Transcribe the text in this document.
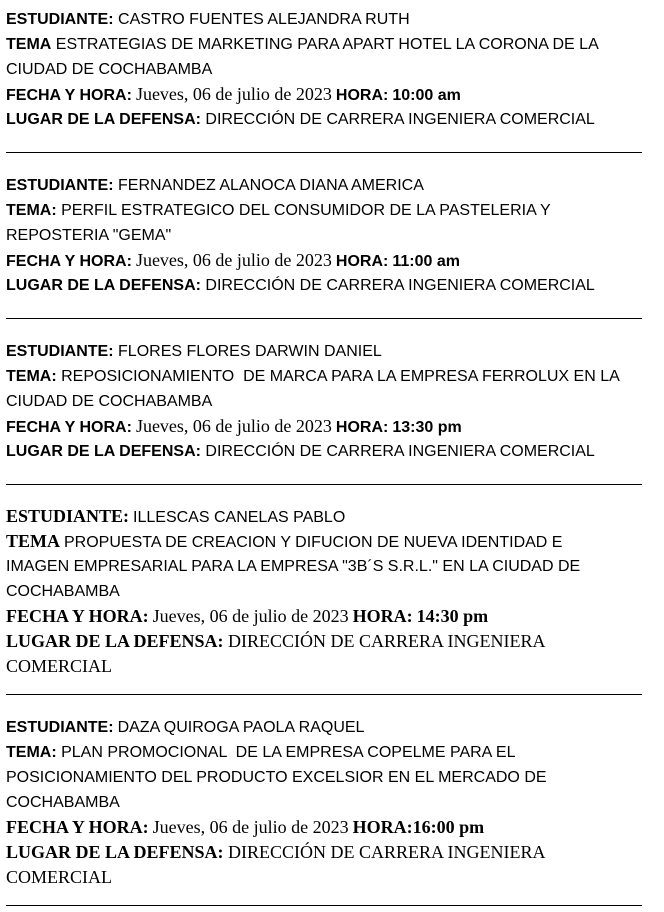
ESTUDIANTE: CASTRO FUENTES ALEJANDRA RUTH
TEMA ESTRATEGIAS DE MARKETING PARA APART HOTEL LA CORONA DE LA
CIUDAD DE COCHABAMBA
FECHA Y HORA: Jueves, 06 de julio de 2023 HORA: 10:00 am
LUGAR DE LA DEFENSA: DIRECCIÓN DE CARRERA INGENIERA COMERCIAL
ESTUDIANTE: FERNANDEZ ALANOCA DIANA AMERICA
TEMA: PERFIL ESTRATEGICO DEL CONSUMIDOR DE LA PASTELERIA Y
REPOSTERIA "GEMA"
FECHA Y HORA: Jueves, 06 de julio de 2023 HORA: 11:00 am
LUGAR DE LA DEFENSA: DIRECCIÓN DE CARRERA INGENIERA COMERCIAL
ESTUDIANTE: FLORES FLORES DARWIN DANIEL
TEMA: REPOSICIONAMIENTO  DE MARCA PARA LA EMPRESA FERROLUX EN LA
CIUDAD DE COCHABAMBA
FECHA Y HORA: Jueves, 06 de julio de 2023 HORA: 13:30 pm
LUGAR DE LA DEFENSA: DIRECCIÓN DE CARRERA INGENIERA COMERCIAL
ESTUDIANTE: ILLESCAS CANELAS PABLO
TEMA PROPUESTA DE CREACION Y DIFUCION DE NUEVA IDENTIDAD E
IMAGEN EMPRESARIAL PARA LA EMPRESA "3B´S S.R.L." EN LA CIUDAD DE
COCHABAMBA
FECHA Y HORA: Jueves, 06 de julio de 2023 HORA: 14:30 pm
LUGAR DE LA DEFENSA: DIRECCIÓN DE CARRERA INGENIERA
COMERCIAL
ESTUDIANTE: DAZA QUIROGA PAOLA RAQUEL
TEMA: PLAN PROMOCIONAL  DE LA EMPRESA COPELME PARA EL
POSICIONAMIENTO DEL PRODUCTO EXCELSIOR EN EL MERCADO DE
COCHABAMBA
FECHA Y HORA: Jueves, 06 de julio de 2023 HORA:16:00 pm
LUGAR DE LA DEFENSA: DIRECCIÓN DE CARRERA INGENIERA
COMERCIAL
